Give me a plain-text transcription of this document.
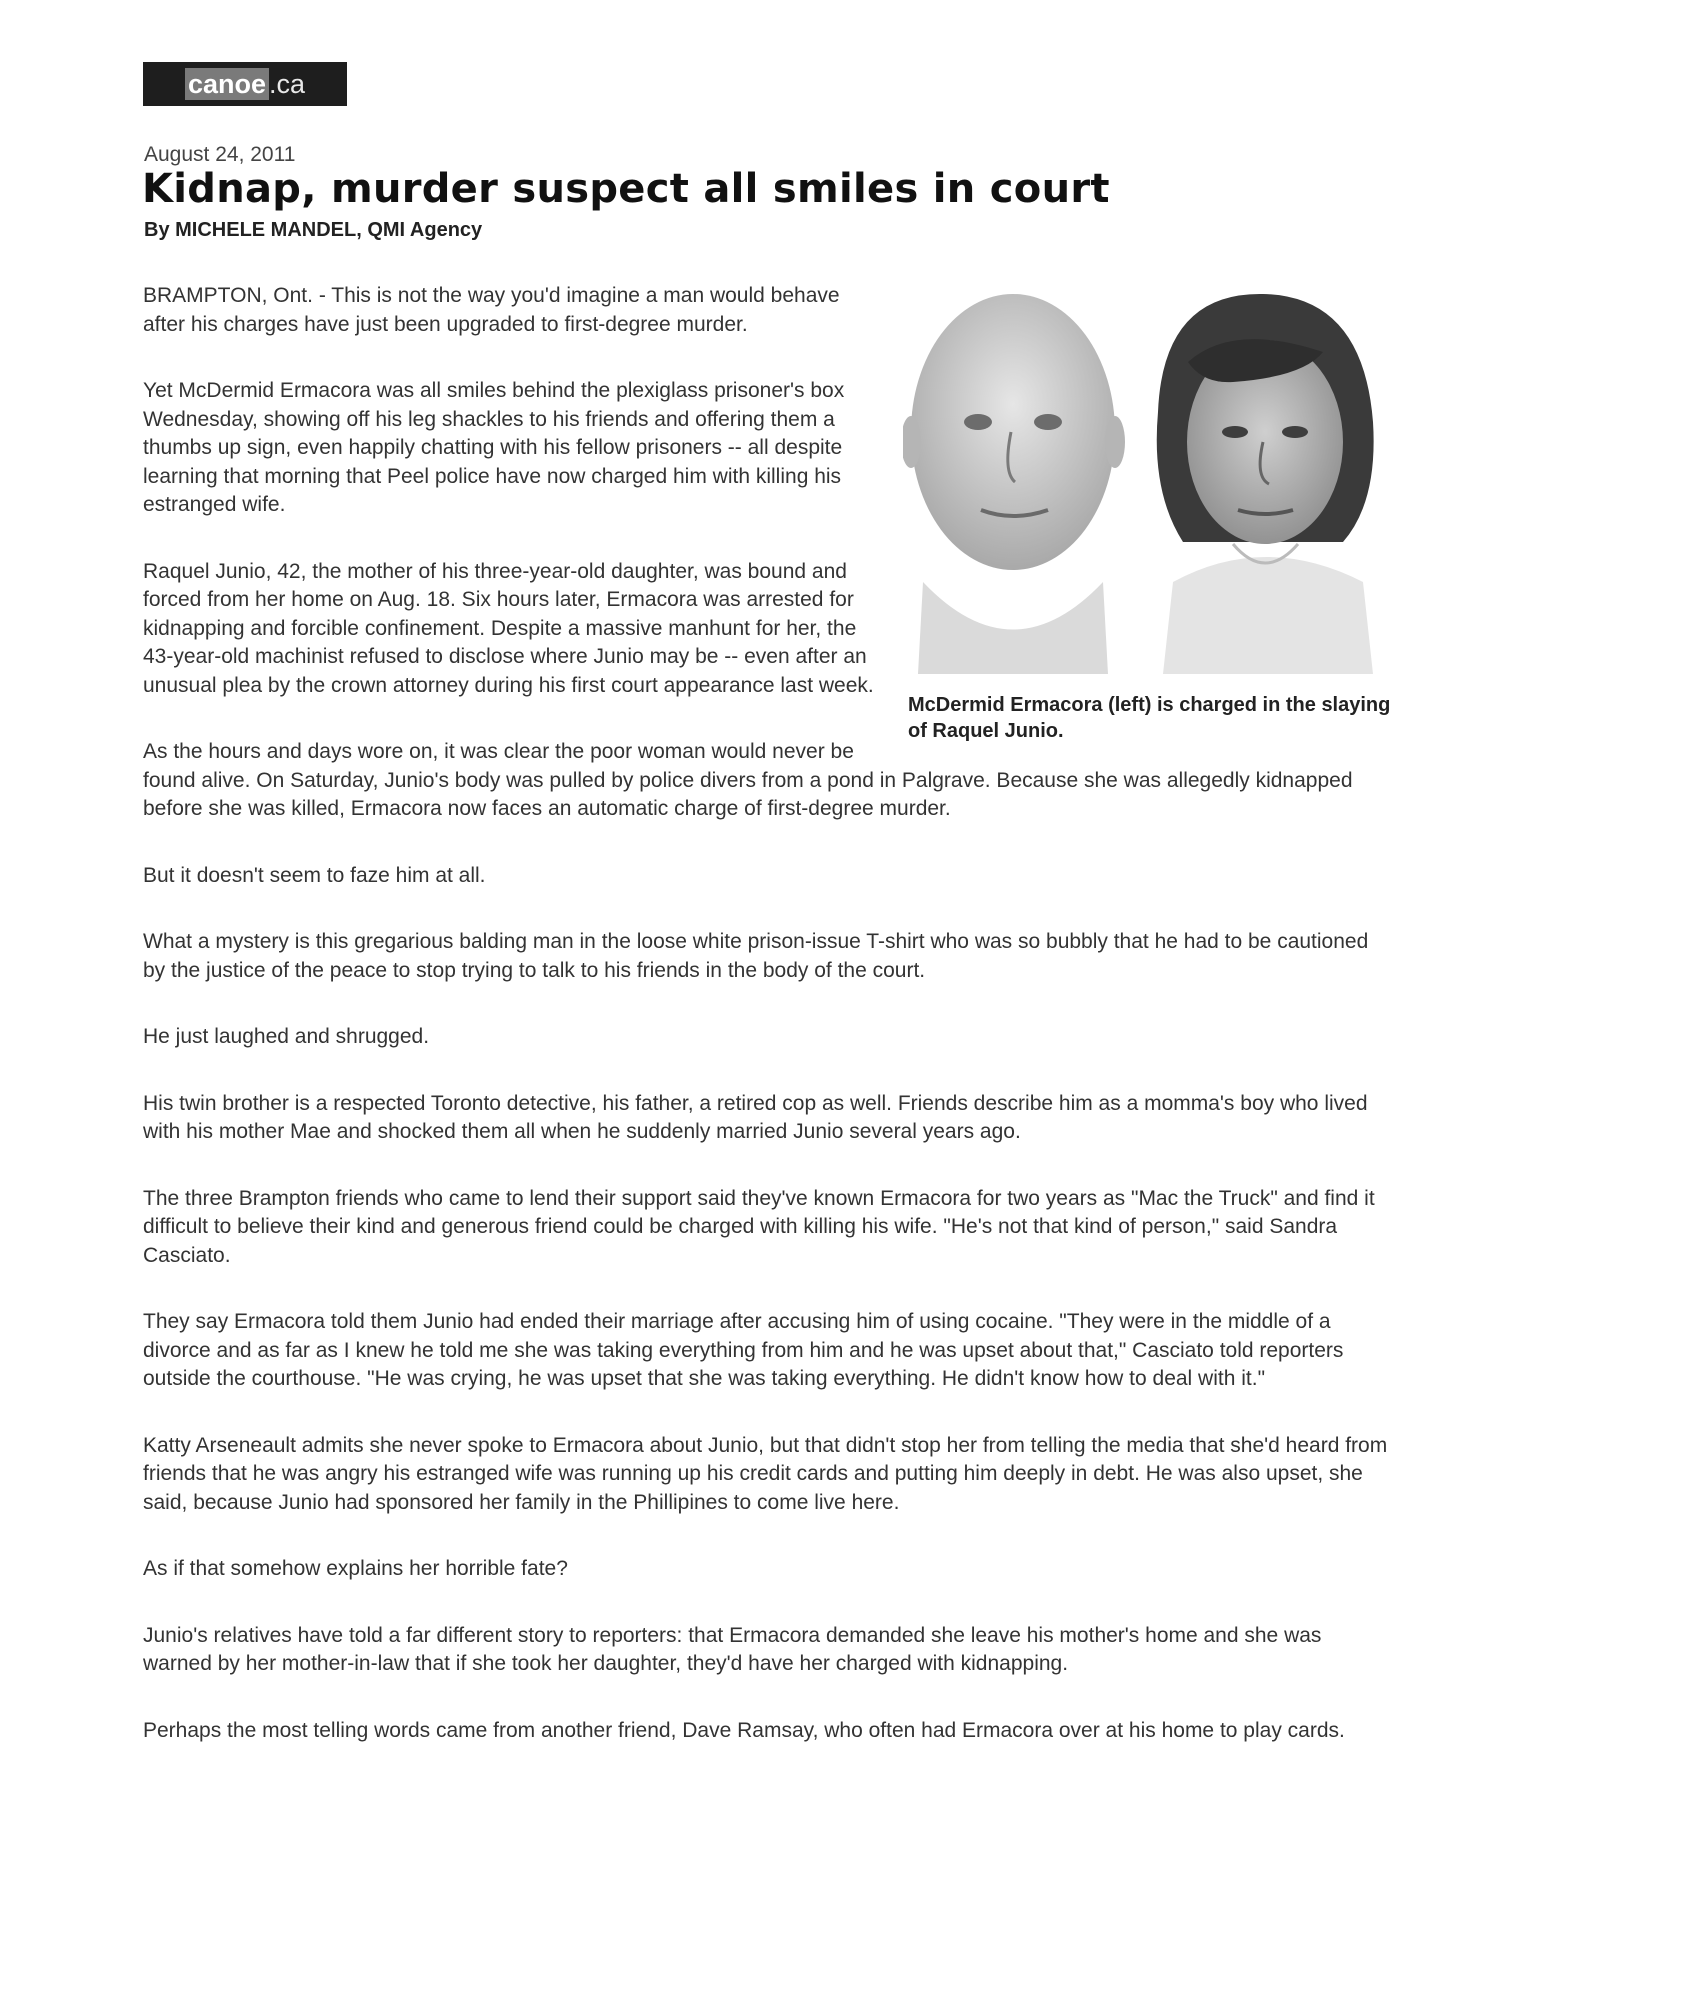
canoe .ca
August 24, 2011
Kidnap, murder suspect all smiles in court
By MICHELE MANDEL, QMI Agency
McDermid Ermacora (left) is charged in the slaying of Raquel Junio.

BRAMPTON, Ont. - This is not the way you'd imagine a man would behave after his charges have just been upgraded to first-degree murder.

Yet McDermid Ermacora was all smiles behind the plexiglass prisoner's box Wednesday, showing off his leg shackles to his friends and offering them a thumbs up sign, even happily chatting with his fellow prisoners -- all despite learning that morning that Peel police have now charged him with killing his estranged wife.

Raquel Junio, 42, the mother of his three-year-old daughter, was bound and forced from her home on Aug. 18. Six hours later, Ermacora was arrested for kidnapping and forcible confinement. Despite a massive manhunt for her, the 43-year-old machinist refused to disclose where Junio may be -- even after an unusual plea by the crown attorney during his first court appearance last week.

As the hours and days wore on, it was clear the poor woman would never be found alive. On Saturday, Junio's body was pulled by police divers from a pond in Palgrave. Because she was allegedly kidnapped before she was killed, Ermacora now faces an automatic charge of first-degree murder.

But it doesn't seem to faze him at all.

What a mystery is this gregarious balding man in the loose white prison-issue T-shirt who was so bubbly that he had to be cautioned by the justice of the peace to stop trying to talk to his friends in the body of the court.

He just laughed and shrugged.

His twin brother is a respected Toronto detective, his father, a retired cop as well. Friends describe him as a momma's boy who lived with his mother Mae and shocked them all when he suddenly married Junio several years ago.

The three Brampton friends who came to lend their support said they've known Ermacora for two years as "Mac the Truck" and find it difficult to believe their kind and generous friend could be charged with killing his wife. "He's not that kind of person," said Sandra Casciato.

They say Ermacora told them Junio had ended their marriage after accusing him of using cocaine. "They were in the middle of a divorce and as far as I knew he told me she was taking everything from him and he was upset about that," Casciato told reporters outside the courthouse. "He was crying, he was upset that she was taking everything. He didn't know how to deal with it."

Katty Arseneault admits she never spoke to Ermacora about Junio, but that didn't stop her from telling the media that she'd heard from friends that he was angry his estranged wife was running up his credit cards and putting him deeply in debt. He was also upset, she said, because Junio had sponsored her family in the Phillipines to come live here.

As if that somehow explains her horrible fate?

Junio's relatives have told a far different story to reporters: that Ermacora demanded she leave his mother's home and she was warned by her mother-in-law that if she took her daughter, they'd have her charged with kidnapping.

Perhaps the most telling words came from another friend, Dave Ramsay, who often had Ermacora over at his home to play cards.
